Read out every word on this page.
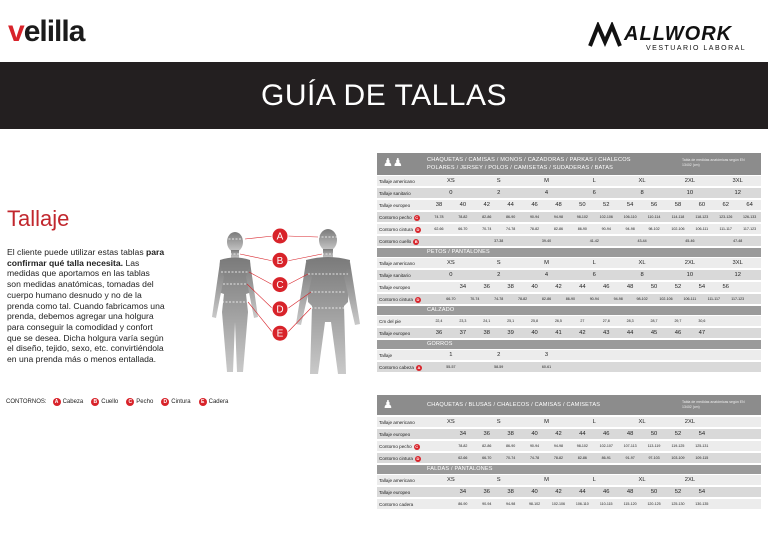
velilla	ALLWORK
VESTUARIO LABORAL
GUÍA DE TALLAS
Tallaje
El cliente puede utilizar estas tablas para confirmar qué talla necesita. Las medidas que aportamos en las tablas son medidas anatómicas, tomadas del cuerpo humano desnudo y no de la prenda como tal. Cuando fabricamos una prenda, debemos agregar una holgura para conseguir la comodidad y confort que se desea. Dicha holgura varía según el diseño, tejido, sexo, etc. convirtiéndola en una prenda más o menos entallada.
A
B
C
D
E
CONTORNOS:	A Cabeza	B Cuello	C Pecho	D Cintura	E Cadera
♟♟	CHAQUETAS / CAMISAS / MONOS / CAZADORAS / PARKAS / CHALECOS
POLARES / JERSEY / POLOS / CAMISETAS / SUDADERAS / BATAS
Tabla de medidas anatómicas según EN 13402 (cm)
Tallaje americano	XS	S	M	L	XL	2XL	3XL
Tallaje sanitario	0	2	4	6	8	10	12
Tallaje europeo	38	40	42	44	46	48	50	52	54	56	58	60	62	64
Contorno pecho C	74-78	78-82	82-86	86-90	90-94	94-98	98-102	102-106	106-110	110-114	114-118	118-123	123-126	126-133
Contorno cintura D	62-66	66-70	70-74	74-78	78-82	82-86	86-90	90-94	94-98	98-102	102-106	106-111	111-117	117-123
Contorno cuello B	37-38	39-40	41-42	43-44	45-46	47-48
PETOS / PANTALONES
Tallaje americano	XS	S	M	L	XL	2XL	3XL
Tallaje sanitario	0	2	4	6	8	10	12
Tallaje europeo	34	36	38	40	42	44	46	48	50	52	54	56
Contorno cintura D	66-70	70-74	74-78	78-82	82-86	86-90	90-94	94-98	98-102	102-106	106-111	111-117	117-123
CALZADO
Cm del pie	22,4	23,3	24,1	25,1	25,8	26,5	27	27,8	28,3	28,7	29,7	30,6
Tallaje europeo	36	37	38	39	40	41	42	43	44	45	46	47
GORROS
Tallaje	1	2	3
Contorno cabeza A	55-57	58-59	60-61
♟	CHAQUETAS / BLUSAS / CHALECOS / CAMISAS / CAMISETAS	Tabla de medidas anatómicas según EN 13402 (cm)
Tallaje americano	XS	S	M	L	XL	2XL
Tallaje europeo	34	36	38	40	42	44	46	48	50	52	54
Contorno pecho C	78-82	82-86	86-90	90-94	94-98	98-102	102-107	107-113	113-119	119-125	125-131
Contorno cintura D	62-66	66-70	70-74	74-78	78-82	82-86	86-91	91-97	97-103	103-109	109-115
FALDAS / PANTALONES
Tallaje americano	XS	S	M	L	XL	2XL
Tallaje europeo	34	36	38	40	42	44	46	48	50	52	54
Contorno cadera	86-90	90-94	94-98	98-102	102-106	106-110	110-115	115-120	120-125	125-130	130-135
